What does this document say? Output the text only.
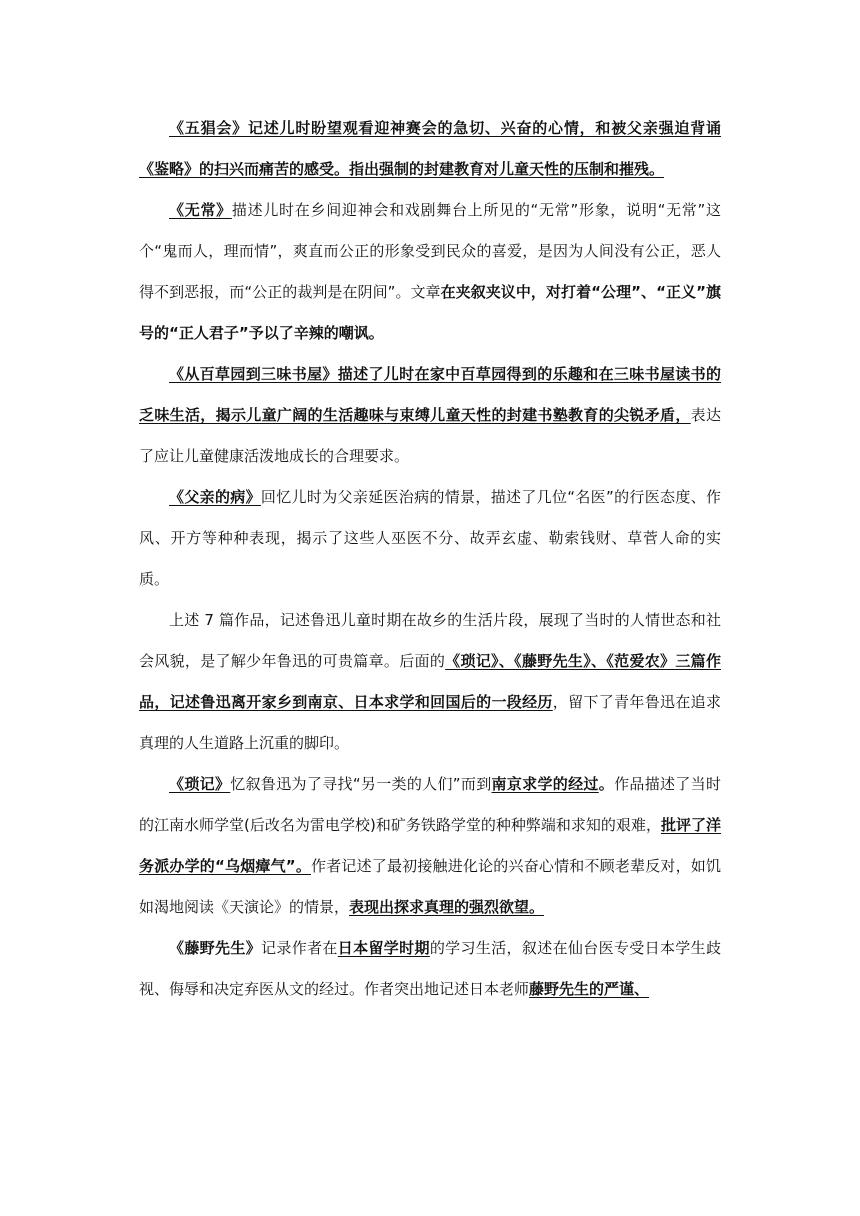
《五猖会》记述儿时盼望观看迎神赛会的急切、兴奋的心情，和被父亲强迫背诵《鉴略》的扫兴而痛苦的感受。指出强制的封建教育对儿童天性的压制和摧残。

《无常》描述儿时在乡间迎神会和戏剧舞台上所见的“无常”形象，说明“无常”这个“鬼而人，理而情”，爽直而公正的形象受到民众的喜爱，是因为人间没有公正，恶人得不到恶报，而“公正的裁判是在阴间”。文章在夹叙夹议中，对打着“公理”、“正义”旗号的“正人君子”予以了辛辣的嘲讽。

《从百草园到三味书屋》描述了儿时在家中百草园得到的乐趣和在三味书屋读书的乏味生活，揭示儿童广阔的生活趣味与束缚儿童天性的封建书塾教育的尖锐矛盾，表达了应让儿童健康活泼地成长的合理要求。

《父亲的病》回忆儿时为父亲延医治病的情景，描述了几位“名医”的行医态度、作风、开方等种种表现，揭示了这些人巫医不分、故弄玄虚、勒索钱财、草菅人命的实质。

上述 7 篇作品，记述鲁迅儿童时期在故乡的生活片段，展现了当时的人情世态和社会风貌，是了解少年鲁迅的可贵篇章。后面的《琐记》、《藤野先生》、《范爱农》三篇作品，记述鲁迅离开家乡到南京、日本求学和回国后的一段经历，留下了青年鲁迅在追求真理的人生道路上沉重的脚印。

《琐记》忆叙鲁迅为了寻找“另一类的人们”而到南京求学的经过。作品描述了当时的江南水师学堂(后改名为雷电学校)和矿务铁路学堂的种种弊端和求知的艰难，批评了洋务派办学的“乌烟瘴气”。作者记述了最初接触进化论的兴奋心情和不顾老辈反对，如饥如渴地阅读《天演论》的情景，表现出探求真理的强烈欲望。

《藤野先生》记录作者在日本留学时期的学习生活，叙述在仙台医专受日本学生歧视、侮辱和决定弃医从文的经过。作者突出地记述日本老师藤野先生的严谨、
